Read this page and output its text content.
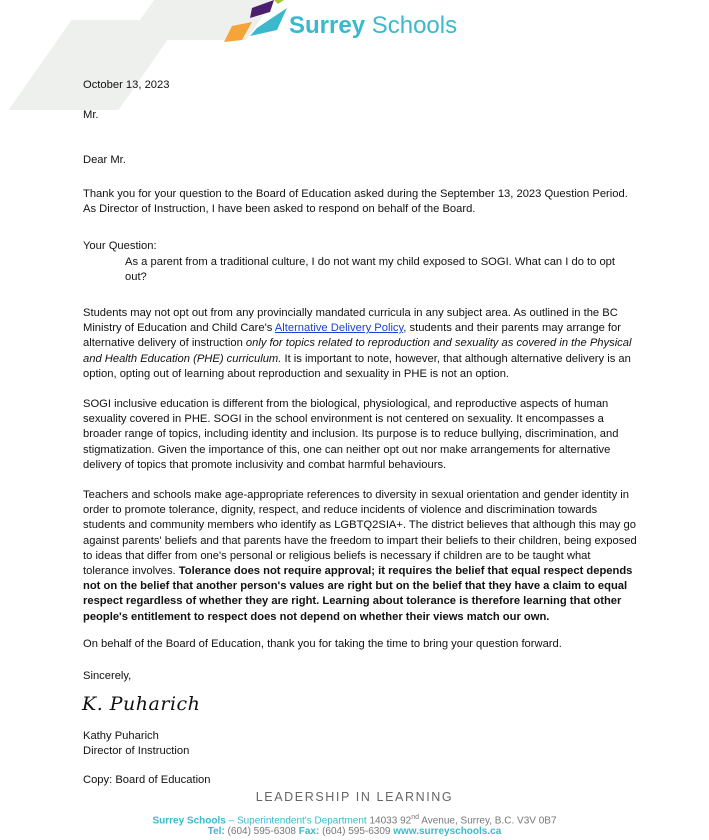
Surrey Schools
October 13, 2023
Mr.
Dear Mr.
Thank you for your question to the Board of Education asked during the September 13, 2023 Question Period. As Director of Instruction, I have been asked to respond on behalf of the Board.
Your Question:
As a parent from a traditional culture, I do not want my child exposed to SOGI. What can I do to opt out?
Students may not opt out from any provincially mandated curricula in any subject area. As outlined in the BC Ministry of Education and Child Care's Alternative Delivery Policy, students and their parents may arrange for alternative delivery of instruction only for topics related to reproduction and sexuality as covered in the Physical and Health Education (PHE) curriculum. It is important to note, however, that although alternative delivery is an option, opting out of learning about reproduction and sexuality in PHE is not an option.
SOGI inclusive education is different from the biological, physiological, and reproductive aspects of human sexuality covered in PHE. SOGI in the school environment is not centered on sexuality. It encompasses a broader range of topics, including identity and inclusion. Its purpose is to reduce bullying, discrimination, and stigmatization. Given the importance of this, one can neither opt out nor make arrangements for alternative delivery of topics that promote inclusivity and combat harmful behaviours.
Teachers and schools make age-appropriate references to diversity in sexual orientation and gender identity in order to promote tolerance, dignity, respect, and reduce incidents of violence and discrimination towards students and community members who identify as LGBTQ2SIA+. The district believes that although this may go against parents' beliefs and that parents have the freedom to impart their beliefs to their children, being exposed to ideas that differ from one's personal or religious beliefs is necessary if children are to be taught what tolerance involves. Tolerance does not require approval; it requires the belief that equal respect depends not on the belief that another person's values are right but on the belief that they have a claim to equal respect regardless of whether they are right. Learning about tolerance is therefore learning that other people's entitlement to respect does not depend on whether their views match our own.
On behalf of the Board of Education, thank you for taking the time to bring your question forward.
Sincerely,
K. Puharich
Kathy Puharich
Director of Instruction
Copy: Board of Education
LEADERSHIP IN LEARNING
Surrey Schools – Superintendent's Department 14033 92nd Avenue, Surrey, B.C. V3V 0B7
Tel: (604) 595-6308 Fax: (604) 595-6309 www.surreyschools.ca
